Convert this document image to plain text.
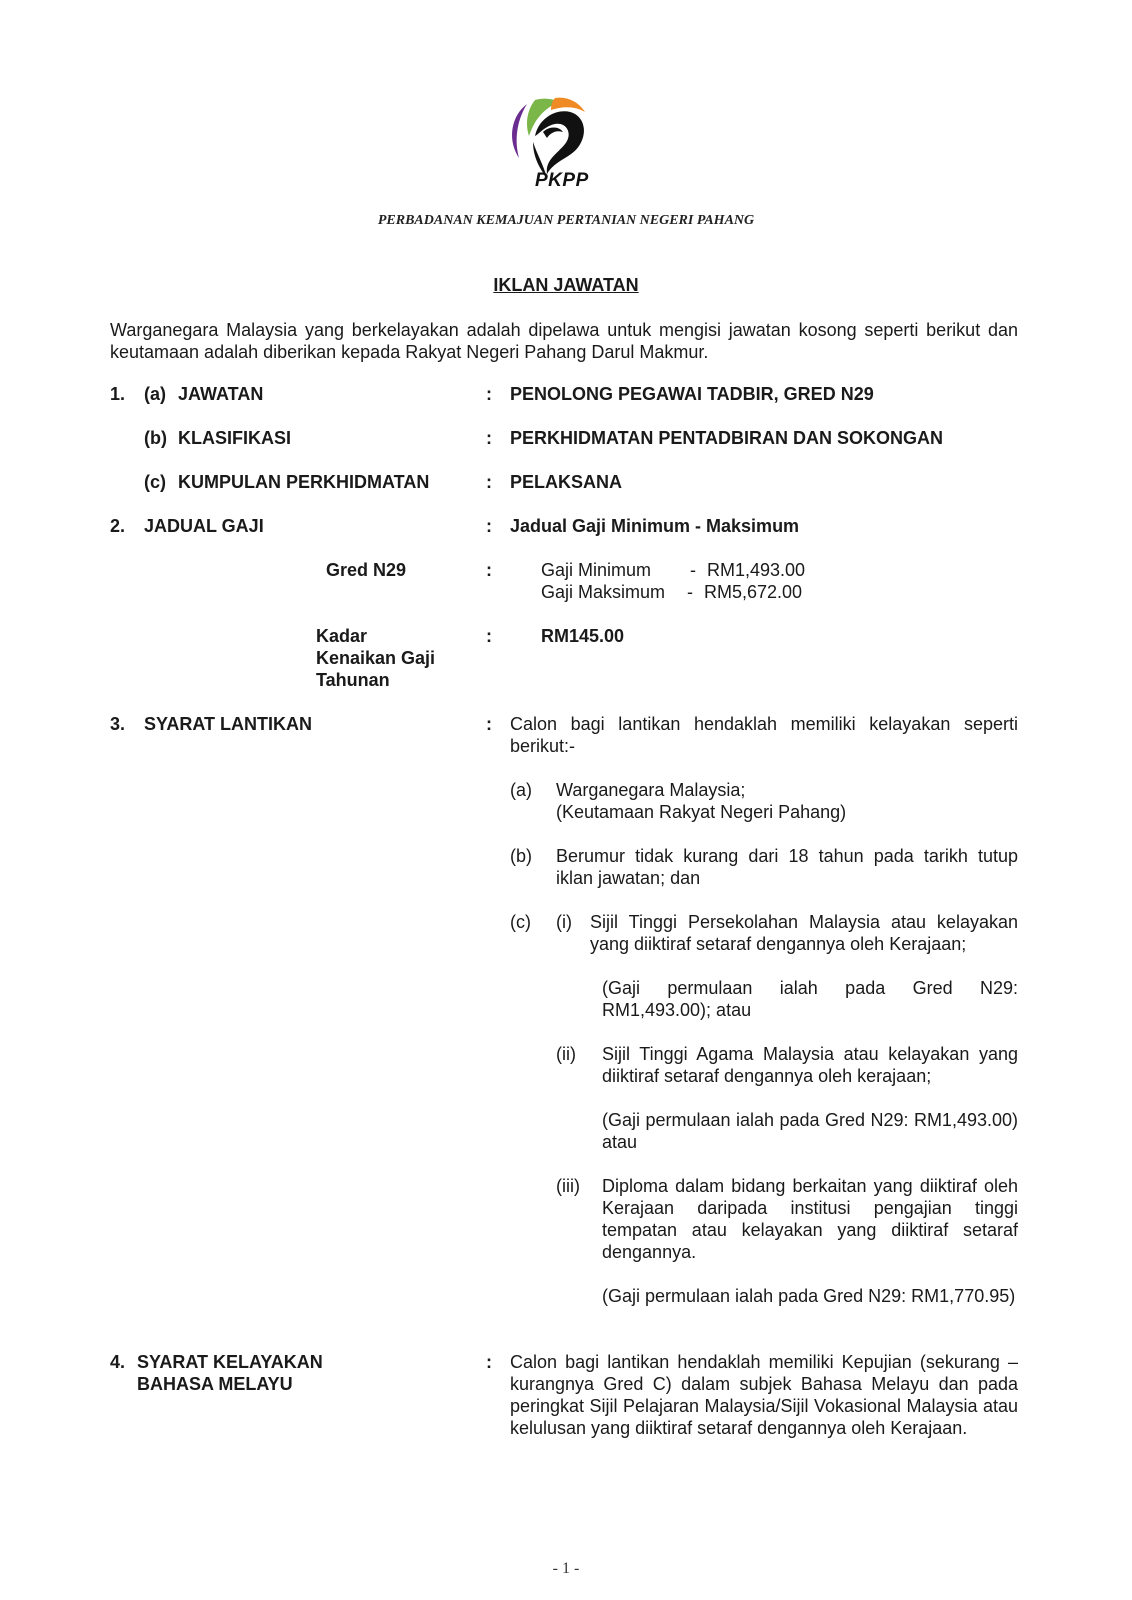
PKPP
PERBADANAN KEMAJUAN PERTANIAN NEGERI PAHANG
IKLAN JAWATAN
Warganegara Malaysia yang berkelayakan adalah dipelawa untuk mengisi jawatan kosong seperti berikut dan keutamaan adalah diberikan kepada Rakyat Negeri Pahang Darul Makmur.
1. (a) JAWATAN	: PENOLONG PEGAWAI TADBIR, GRED N29
(b) KLASIFIKASI	: PERKHIDMATAN PENTADBIRAN DAN SOKONGAN
(c) KUMPULAN PERKHIDMATAN	: PELAKSANA
2. JADUAL GAJI	: Jadual Gaji Minimum - Maksimum
Gred N29	:	Gaji Minimum - RM1,493.00
Gaji Maksimum - RM5,672.00
Kadar
Kenaikan Gaji
Tahunan
:	RM145.00
3. SYARAT LANTIKAN	: Calon bagi lantikan hendaklah memiliki kelayakan seperti berikut:-
(a) Warganegara Malaysia;
(Keutamaan Rakyat Negeri Pahang)
(b) Berumur tidak kurang dari 18 tahun pada tarikh tutup iklan jawatan; dan
(c) (i) Sijil Tinggi Persekolahan Malaysia atau kelayakan yang diiktiraf setaraf dengannya oleh Kerajaan;
(Gaji permulaan ialah pada Gred N29: RM1,493.00); atau
(ii) Sijil Tinggi Agama Malaysia atau kelayakan yang diiktiraf setaraf dengannya oleh kerajaan;
(Gaji permulaan ialah pada Gred N29: RM1,493.00) atau
(iii) Diploma dalam bidang berkaitan yang diiktiraf oleh Kerajaan daripada institusi pengajian tinggi tempatan atau kelayakan yang diiktiraf setaraf dengannya.
(Gaji permulaan ialah pada Gred N29: RM1,770.95)
4. SYARAT KELAYAKAN
BAHASA MELAYU
: Calon bagi lantikan hendaklah memiliki Kepujian (sekurang – kurangnya Gred C) dalam subjek Bahasa Melayu dan pada peringkat Sijil Pelajaran Malaysia/Sijil Vokasional Malaysia atau kelulusan yang diiktiraf setaraf dengannya oleh Kerajaan.
- 1 -
